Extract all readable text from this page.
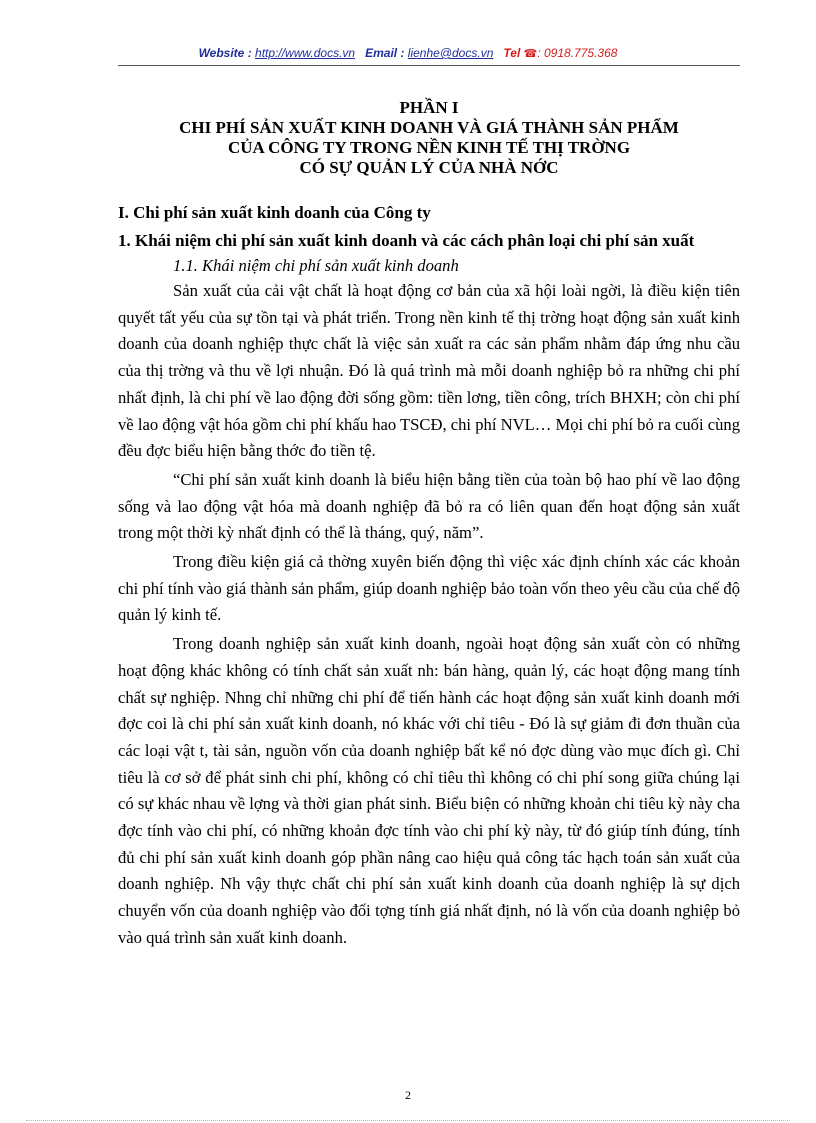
Website : http://www.docs.vn Email : lienhe@docs.vn Tel ☎: 0918.775.368
PHẦN I
CHI PHÍ SẢN XUẤT KINH DOANH VÀ GIÁ THÀNH SẢN PHẨM
CỦA CÔNG TY TRONG NỀN KINH TẾ THỊ TRỜNG
CÓ SỰ QUẢN LÝ CỦA NHÀ NỚC
I. Chi phí sản xuất kinh doanh của Công ty
1. Khái niệm chi phí sản xuất kinh doanh và các cách phân loại chi phí sản xuất
1.1. Khái niệm chi phí sản xuất kinh doanh

Sản xuất của cải vật chất là hoạt động cơ bản của xã hội loài ngời, là điều kiện tiên quyết tất yếu của sự tồn tại và phát triển. Trong nền kinh tế thị trờng hoạt động sản xuất kinh doanh của doanh nghiệp thực chất là việc sản xuất ra các sản phẩm nhằm đáp ứng nhu cầu của thị trờng và thu về lợi nhuận. Đó là quá trình mà mỗi doanh nghiệp bỏ ra những chi phí nhất định, là chi phí về lao động đời sống gồm: tiền lơng, tiền công, trích BHXH; còn chi phí về lao động vật hóa gồm chi phí khấu hao TSCĐ, chi phí NVL… Mọi chi phí bỏ ra cuối cùng đều đợc biểu hiện bằng thớc đo tiền tệ.

“Chi phí sản xuất kinh doanh là biểu hiện bằng tiền của toàn bộ hao phí về lao động sống và lao động vật hóa mà doanh nghiệp đã bỏ ra có liên quan đến hoạt động sản xuất trong một thời kỳ nhất định có thể là tháng, quý, năm”.

Trong điều kiện giá cả thờng xuyên biến động thì việc xác định chính xác các khoản chi phí tính vào giá thành sản phẩm, giúp doanh nghiệp bảo toàn vốn theo yêu cầu của chế độ quản lý kinh tế.

Trong doanh nghiệp sản xuất kinh doanh, ngoài hoạt động sản xuất còn có những hoạt động khác không có tính chất sản xuất nh: bán hàng, quản lý, các hoạt động mang tính chất sự nghiệp. Nhng chỉ những chi phí để tiến hành các hoạt động sản xuất kinh doanh mới đợc coi là chi phí sản xuất kinh doanh, nó khác với chỉ tiêu - Đó là sự giảm đi đơn thuần của các loại vật t, tài sản, nguồn vốn của doanh nghiệp bất kể nó đợc dùng vào mục đích gì. Chỉ tiêu là cơ sở để phát sinh chi phí, không có chỉ tiêu thì không có chi phí song giữa chúng lại có sự khác nhau về lợng và thời gian phát sinh. Biểu biện có những khoản chi tiêu kỳ này cha đợc tính vào chi phí, có những khoản đợc tính vào chi phí kỳ này, từ đó giúp tính đúng, tính đủ chi phí sản xuất kinh doanh góp phần nâng cao hiệu quả công tác hạch toán sản xuất của doanh nghiệp. Nh vậy thực chất chi phí sản xuất kinh doanh của doanh nghiệp là sự dịch chuyển vốn của doanh nghiệp vào đối tợng tính giá nhất định, nó là vốn của doanh nghiệp bỏ vào quá trình sản xuất kinh doanh.

2
